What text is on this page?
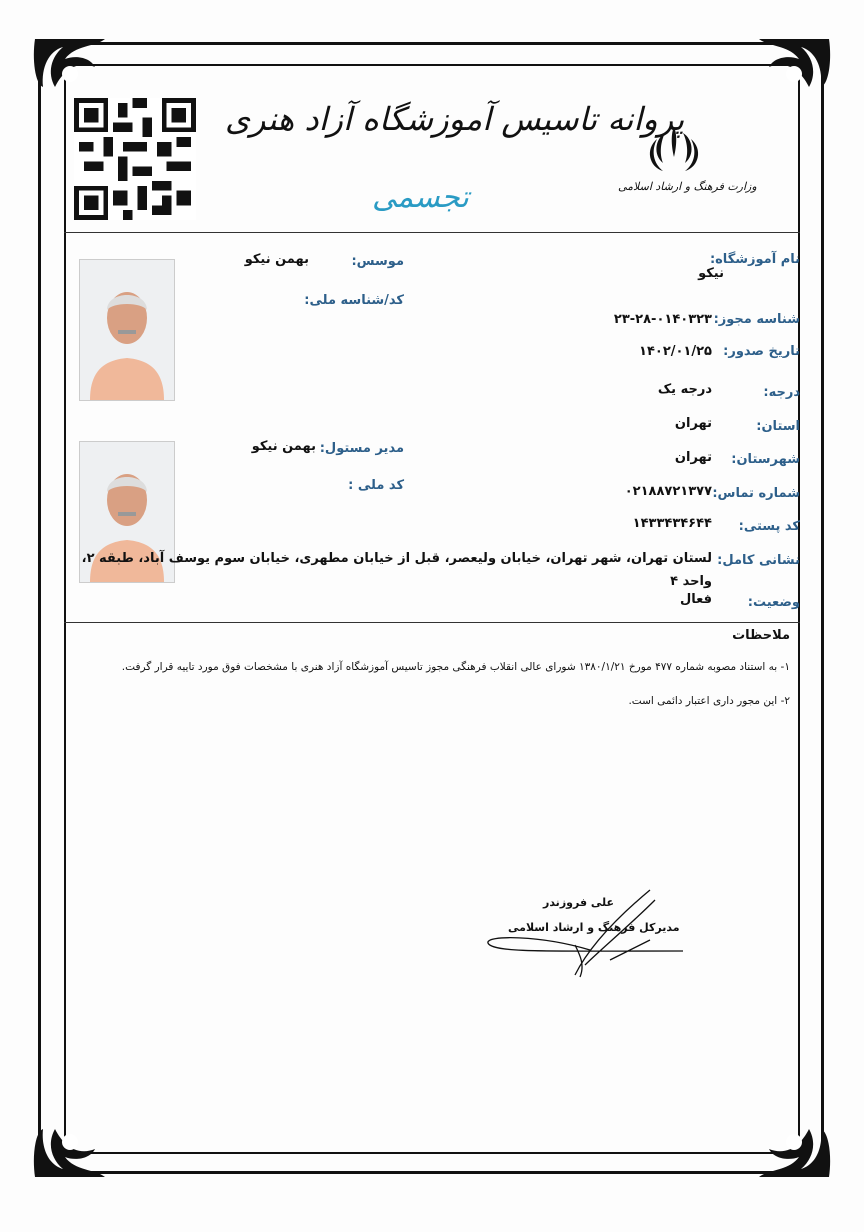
پروانه تاسیس آموزشگاه آزاد هنری
تجسمی	وزارت فرهنگ و ارشاد اسلامی
نام آموزشگاه:
نیکو
شناسه مجوز:
۲۳-۲۸-۰۱۴۰۳۲۳
تاریخ صدور:
۱۴۰۲/۰۱/۲۵
درجه:
درجه یک
استان:
تهران
شهرستان:
تهران
شماره تماس:
۰۲۱۸۸۷۲۱۳۷۷
کد پستی:
۱۴۳۳۴۳۴۶۴۴
نشانی کامل:
لستان تهران، شهر تهران، خیابان ولیعصر، قبل از خیابان مطهری، خیابان سوم یوسف آباد، طبقه ۲،
واحد ۴
وضعیت:
فعال
موسس:
بهمن نیکو
کد/شناسه ملی:
مدیر مستول:
بهمن نیکو
کد ملی :
ملاحظات
۱- به استناد مصوبه شماره ۴۷۷ مورخ ۱۳۸۰/۱/۲۱ شورای عالی انقلاب فرهنگی مجوز تاسیس آموزشگاه آزاد هنری با مشخصات فوق مورد تاییه قرار گرفت.
۲- این مجور داری اعتبار دائمی است.
علی فروزندر
مدیرکل فرهنگ و ارشاد اسلامی
